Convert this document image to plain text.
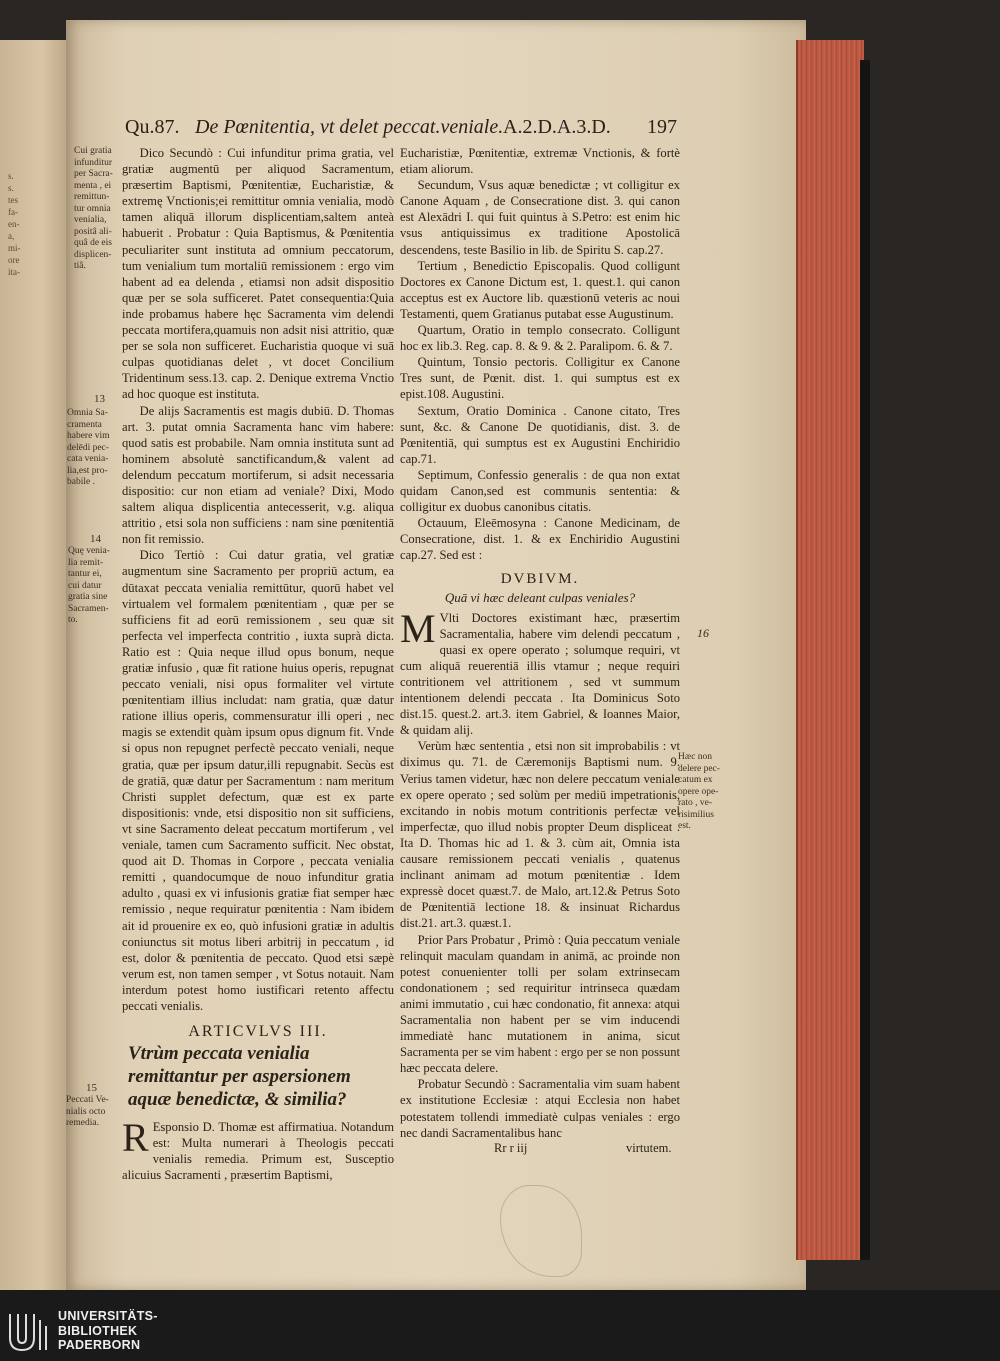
s.
s.
tes
fa-
en-
a,
mi-
ore
ita-
Qu.87. De Pœnitentia, vt delet peccat.veniale. A.2.D.A.3.D. 197

Dico Secundò : Cui infunditur prima gratia, vel gratiæ augmentū per aliquod Sacramentum, præsertim Baptismi, Pœnitentiæ, Eucharistiæ, & extremę Vnctionis;ei remittitur omnia venialia, modò tamen aliquā illorum displicentiam,saltem anteà habuerit . Probatur : Quia Baptismus, & Pœnitentia peculiariter sunt instituta ad omnium peccatorum, tum venialium tum mortaliū remissionem : ergo vim habent ad ea delenda , etiamsi non adsit dispositio quæ per se sola sufficeret. Patet consequentia:Quia inde probamus habere hęc Sacramenta vim delendi peccata mortifera,quamuis non adsit nisi attritio, quæ per se sola non sufficeret. Eucharistia quoque vi suā culpas quotidianas delet , vt docet Concilium Tridentinum sess.13. cap. 2. Denique extrema Vnctio ad hoc quoque est instituta.

De alijs Sacramentis est magis dubiū. D. Thomas art. 3. putat omnia Sacramenta hanc vim habere: quod satis est probabile. Nam omnia instituta sunt ad hominem absolutè sanctificandum,& valent ad delendum peccatum mortiferum, si adsit necessaria dispositio: cur non etiam ad veniale? Dixi, Modo saltem aliqua displicentia antecesserit, v.g. aliqua attritio , etsi sola non sufficiens : nam sine pœnitentiā non fit remissio.

Dico Tertiò : Cui datur gratia, vel gratiæ augmentum sine Sacramento per propriū actum, ea dūtaxat peccata venialia remittūtur, quorū habet vel virtualem vel formalem pœnitentiam , quæ per se sufficiens fit ad eorū remissionem , seu quæ sit perfecta vel imperfecta contritio , iuxta suprà dicta. Ratio est : Quia neque illud opus bonum, neque gratiæ infusio , quæ fit ratione huius operis, repugnat peccato veniali, nisi opus formaliter vel virtute pœnitentiam illius includat: nam gratia, quæ datur ratione illius operis, commensuratur illi operi , nec magis se extendit quàm ipsum opus dignum fit. Vnde si opus non repugnet perfectè peccato veniali, neque gratia, quæ per ipsum datur,illi repugnabit. Secùs est de gratiā, quæ datur per Sacramentum : nam meritum Christi supplet defectum, quæ est ex parte dispositionis: vnde, etsi dispositio non sit sufficiens, vt sine Sacramento deleat peccatum mortiferum , vel veniale, tamen cum Sacramento sufficit. Nec obstat, quod ait D. Thomas in Corpore , peccata venialia remitti , quandocumque de nouo infunditur gratia adulto , quasi ex vi infusionis gratiæ fiat semper hæc remissio , neque requiratur pœnitentia : Nam ibidem ait id prouenire ex eo, quò infusioni gratiæ in adultis coniunctus sit motus liberi arbitrij in peccatum , id est, dolor & pœnitentia de peccato. Quod etsi sæpè verum est, non tamen semper , vt Sotus notauit. Nam interdum potest homo iustificari retento affectu peccati venialis.

ARTICVLVS III.
Vtrùm peccata venialia remittantur per aspersionem aquæ benedictæ, & similia?

R Esponsio D. Thomæ est affirmatiua. Notandum est: Multa numerari à Theologis peccati venialis remedia. Primum est, Susceptio alicuius Sacramenti , præsertim Baptismi,

Eucharistiæ, Pœnitentiæ, extremæ Vnctionis, & fortè etiam aliorum.

Secundum, Vsus aquæ benedictæ ; vt colligitur ex Canone Aquam , de Consecratione dist. 3. qui canon est Alexādri I. qui fuit quintus à S.Petro: est enim hic vsus antiquissimus ex traditione Apostolicā descendens, teste Basilio in lib. de Spiritu S. cap.27.

Tertium , Benedictio Episcopalis. Quod colligunt Doctores ex Canone Dictum est, 1. quest.1. qui canon acceptus est ex Auctore lib. quæstionū veteris ac noui Testamenti, quem Gratianus putabat esse Augustinum.

Quartum, Oratio in templo consecrato. Colligunt hoc ex lib.3. Reg. cap. 8. & 9. & 2. Paralipom. 6. & 7.

Quintum, Tonsio pectoris. Colligitur ex Canone Tres sunt, de Pœnit. dist. 1. qui sumptus est ex epist.108. Augustini.

Sextum, Oratio Dominica . Canone citato, Tres sunt, &c. & Canone De quotidianis, dist. 3. de Pœnitentiā, qui sumptus est ex Augustini Enchiridio cap.71.

Septimum, Confessio generalis : de qua non extat quidam Canon,sed est communis sententia: & colligitur ex duobus canonibus citatis.

Octauum, Eleēmosyna : Canone Medicinam, de Consecratione, dist. 1. & ex Enchiridio Augustini cap.27. Sed est :

DVBIVM.
Quā vi hæc deleant culpas veniales?

M Vlti Doctores existimant hæc, præsertim Sacramentalia, habere vim delendi peccatum , quasi ex opere operato ; solumque requiri, vt cum aliquā reuerentiā illis vtamur ; neque requiri contritionem vel attritionem , sed vt summum intentionem delendi peccata . Ita Dominicus Soto dist.15. quest.2. art.3. item Gabriel, & Ioannes Maior, & quidam alij.

Verùm hæc sententia , etsi non sit improbabilis : vt diximus qu. 71. de Cæremonijs Baptismi num. 9. Verius tamen videtur, hæc non delere peccatum veniale ex opere operato ; sed solùm per mediū impetrationis, excitando in nobis motum contritionis perfectæ vel imperfectæ, quo illud nobis propter Deum displiceat . Ita D. Thomas hic ad 1. & 3. cùm ait, Omnia ista causare remissionem peccati venialis , quatenus inclinant animam ad motum pœnitentiæ . Idem expressè docet quæst.7. de Malo, art.12.& Petrus Soto de Pœnitentiā lectione 18. & insinuat Richardus dist.21. art.3. quæst.1.

Prior Pars Probatur , Primò : Quia peccatum veniale relinquit maculam quandam in animā, ac proinde non potest conuenienter tolli per solam extrinsecam condonationem ; sed requiritur intrinseca quædam animi immutatio , cui hæc condonatio, fit annexa: atqui Sacramentalia non habent per se vim inducendi immediatè hanc mutationem in anima, sicut Sacramenta per se vim habent : ergo per se non possunt hæc peccata delere.

Probatur Secundò : Sacramentalia vim suam habent ex institutione Ecclesiæ : atqui Ecclesia non habet potestatem tollendi immediatè culpas veniales : ergo nec dandi Sacramentalibus hanc

Cui gratia
infunditur
per Sacra-
menta , ei
remittun-
tur omnia
venialia,
positâ ali-
quâ de eis
displicen-
tiâ.
13
Omnia Sa-
cramenta
habere vim
delēdi pec-
cata venia-
lia,est pro-
babile .
14
Quę venia-
lia remit-
tantur ei,
cui datur
gratia sine
Sacramen-
to.
15
Peccati Ve-
nialis octo
remedia.
16
Hæc non
delere pec-
catum ex
opere ope-
rato , ve-
risimilius
est.
Rr r iij	virtutem.
UNIVERSITÄTS-
BIBLIOTHEK
PADERBORN
